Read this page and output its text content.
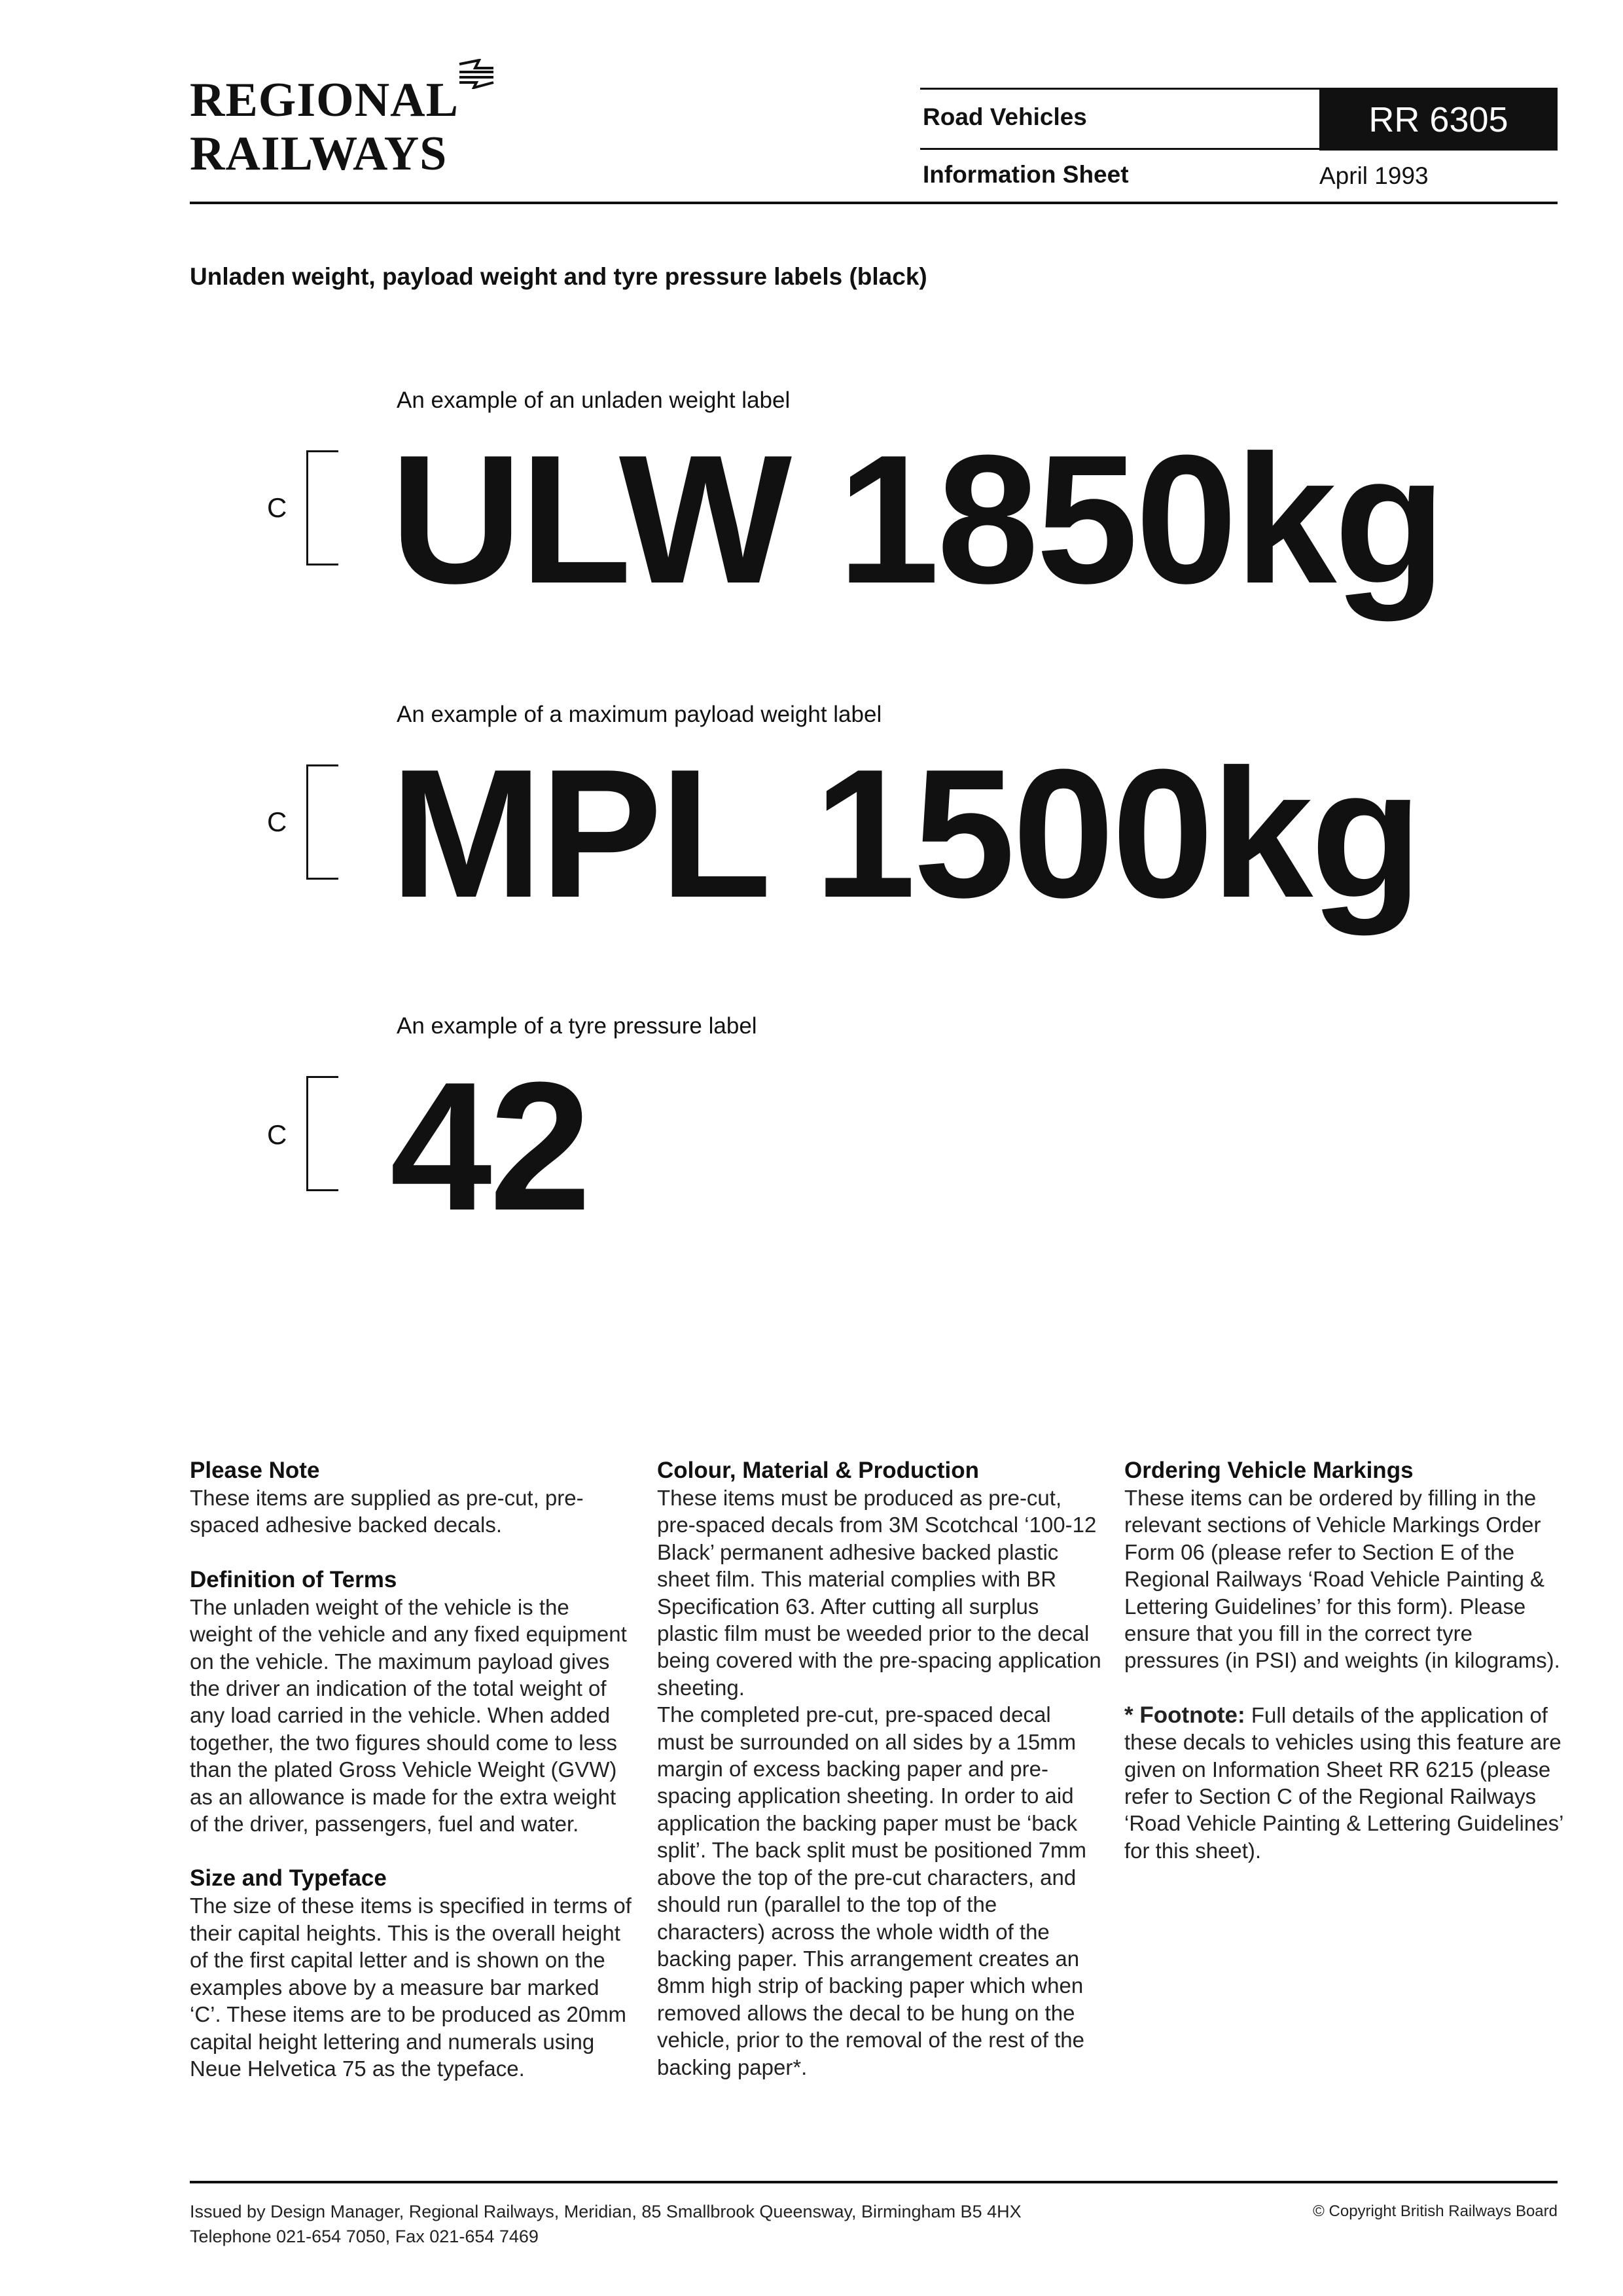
REGIONAL
RAILWAYS
Road Vehicles	RR 6305
Information Sheet	April 1993
Unladen weight, payload weight and tyre pressure labels (black)
An example of an unladen weight label
C ULW 1850kg
An example of a maximum payload weight label
C MPL 1500kg
An example of a tyre pressure label
C 42
Please Note
These items are supplied as pre-cut, pre-spaced adhesive backed decals.
Definition of Terms
The unladen weight of the vehicle is the weight of the vehicle and any fixed equipment on the vehicle. The maximum payload gives the driver an indication of the total weight of any load carried in the vehicle. When added together, the two figures should come to less than the plated Gross Vehicle Weight (GVW) as an allowance is made for the extra weight of the driver, passengers, fuel and water.
Size and Typeface
The size of these items is specified in terms of their capital heights. This is the overall height of the first capital letter and is shown on the examples above by a measure bar marked ‘C’. These items are to be produced as 20mm capital height lettering and numerals using Neue Helvetica 75 as the typeface.
Colour, Material & Production
These items must be produced as pre-cut, pre-spaced decals from 3M Scotchcal ‘100-12 Black’ permanent adhesive backed plastic sheet film. This material complies with BR Specification 63. After cutting all surplus plastic film must be weeded prior to the decal being covered with the pre-spacing application sheeting.
The completed pre-cut, pre-spaced decal must be surrounded on all sides by a 15mm margin of excess backing paper and pre-spacing application sheeting. In order to aid application the backing paper must be ‘back split’. The back split must be positioned 7mm above the top of the pre-cut characters, and should run (parallel to the top of the characters) across the whole width of the backing paper. This arrangement creates an 8mm high strip of backing paper which when removed allows the decal to be hung on the vehicle, prior to the removal of the rest of the backing paper*.
Ordering Vehicle Markings
These items can be ordered by filling in the relevant sections of Vehicle Markings Order Form 06 (please refer to Section E of the Regional Railways ‘Road Vehicle Painting & Lettering Guidelines’ for this form). Please ensure that you fill in the correct tyre pressures (in PSI) and weights (in kilograms).
* Footnote: Full details of the application of these decals to vehicles using this feature are given on Information Sheet RR 6215 (please refer to Section C of the Regional Railways ‘Road Vehicle Painting & Lettering Guidelines’ for this sheet).
Issued by Design Manager, Regional Railways, Meridian, 85 Smallbrook Queensway, Birmingham B5 4HX
Telephone 021-654 7050, Fax 021-654 7469
© Copyright British Railways Board
